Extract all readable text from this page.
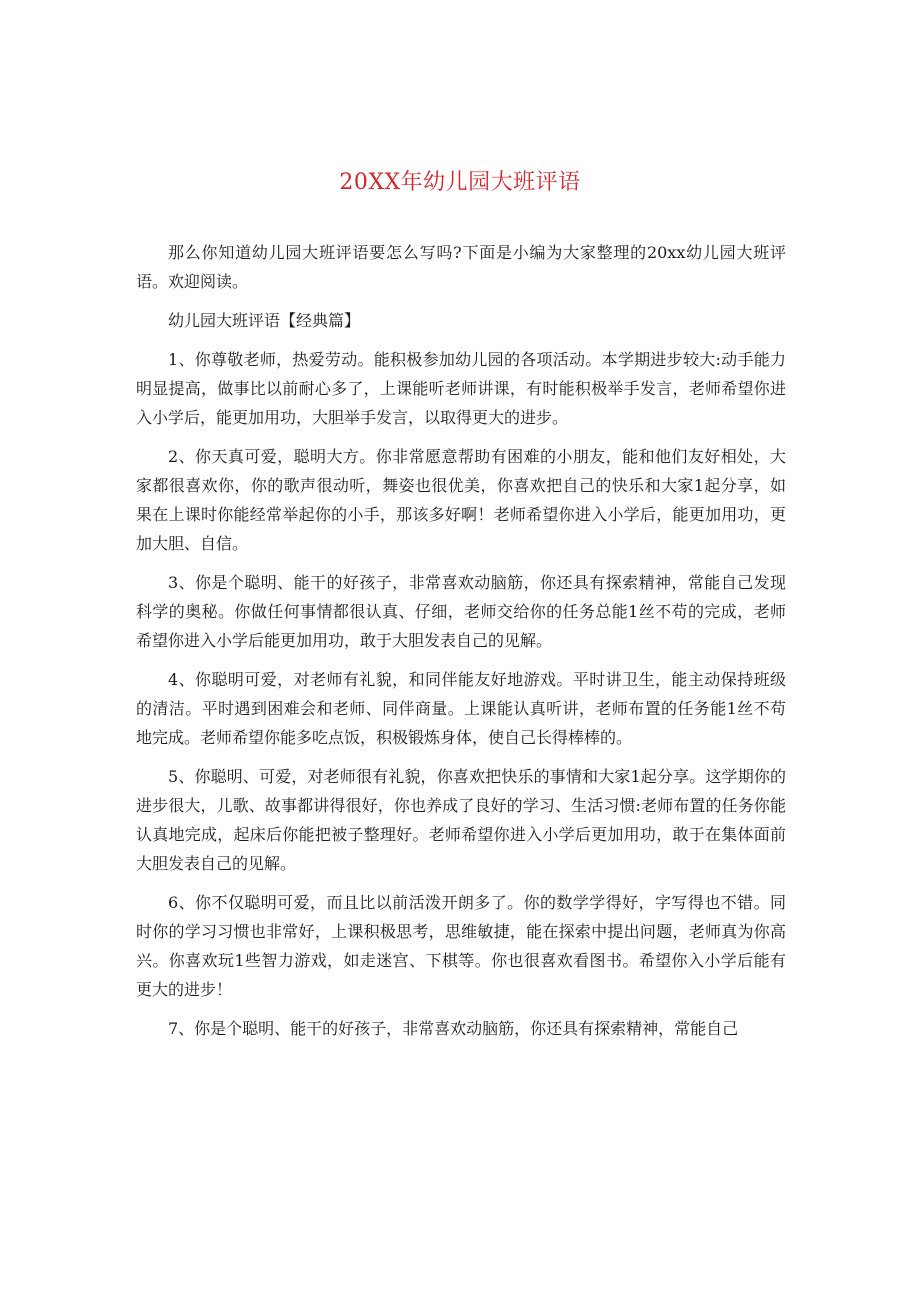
20XX年幼儿园大班评语

那么你知道幼儿园大班评语要怎么写吗?下面是小编为大家整理的20xx幼儿园大班评语。欢迎阅读。

幼儿园大班评语【经典篇】

1、你尊敬老师，热爱劳动。能积极参加幼儿园的各项活动。本学期进步较大:动手能力明显提高，做事比以前耐心多了，上课能听老师讲课，有时能积极举手发言，老师希望你进入小学后，能更加用功，大胆举手发言，以取得更大的进步。

2、你天真可爱，聪明大方。你非常愿意帮助有困难的小朋友，能和他们友好相处，大家都很喜欢你，你的歌声很动听，舞姿也很优美，你喜欢把自己的快乐和大家1起分享，如果在上课时你能经常举起你的小手，那该多好啊！老师希望你进入小学后，能更加用功，更加大胆、自信。

3、你是个聪明、能干的好孩子，非常喜欢动脑筋，你还具有探索精神，常能自己发现科学的奥秘。你做任何事情都很认真、仔细，老师交给你的任务总能1丝不苟的完成，老师希望你进入小学后能更加用功，敢于大胆发表自己的见解。

4、你聪明可爱，对老师有礼貌，和同伴能友好地游戏。平时讲卫生，能主动保持班级的清洁。平时遇到困难会和老师、同伴商量。上课能认真听讲，老师布置的任务能1丝不苟地完成。老师希望你能多吃点饭，积极锻炼身体，使自己长得棒棒的。

5、你聪明、可爱，对老师很有礼貌，你喜欢把快乐的事情和大家1起分享。这学期你的进步很大，儿歌、故事都讲得很好，你也养成了良好的学习、生活习惯:老师布置的任务你能认真地完成，起床后你能把被子整理好。老师希望你进入小学后更加用功，敢于在集体面前大胆发表自己的见解。

6、你不仅聪明可爱，而且比以前活泼开朗多了。你的数学学得好，字写得也不错。同时你的学习习惯也非常好，上课积极思考，思维敏捷，能在探索中提出问题，老师真为你高兴。你喜欢玩1些智力游戏，如走迷宫、下棋等。你也很喜欢看图书。希望你入小学后能有更大的进步！

7、你是个聪明、能干的好孩子，非常喜欢动脑筋，你还具有探索精神，常能自己
